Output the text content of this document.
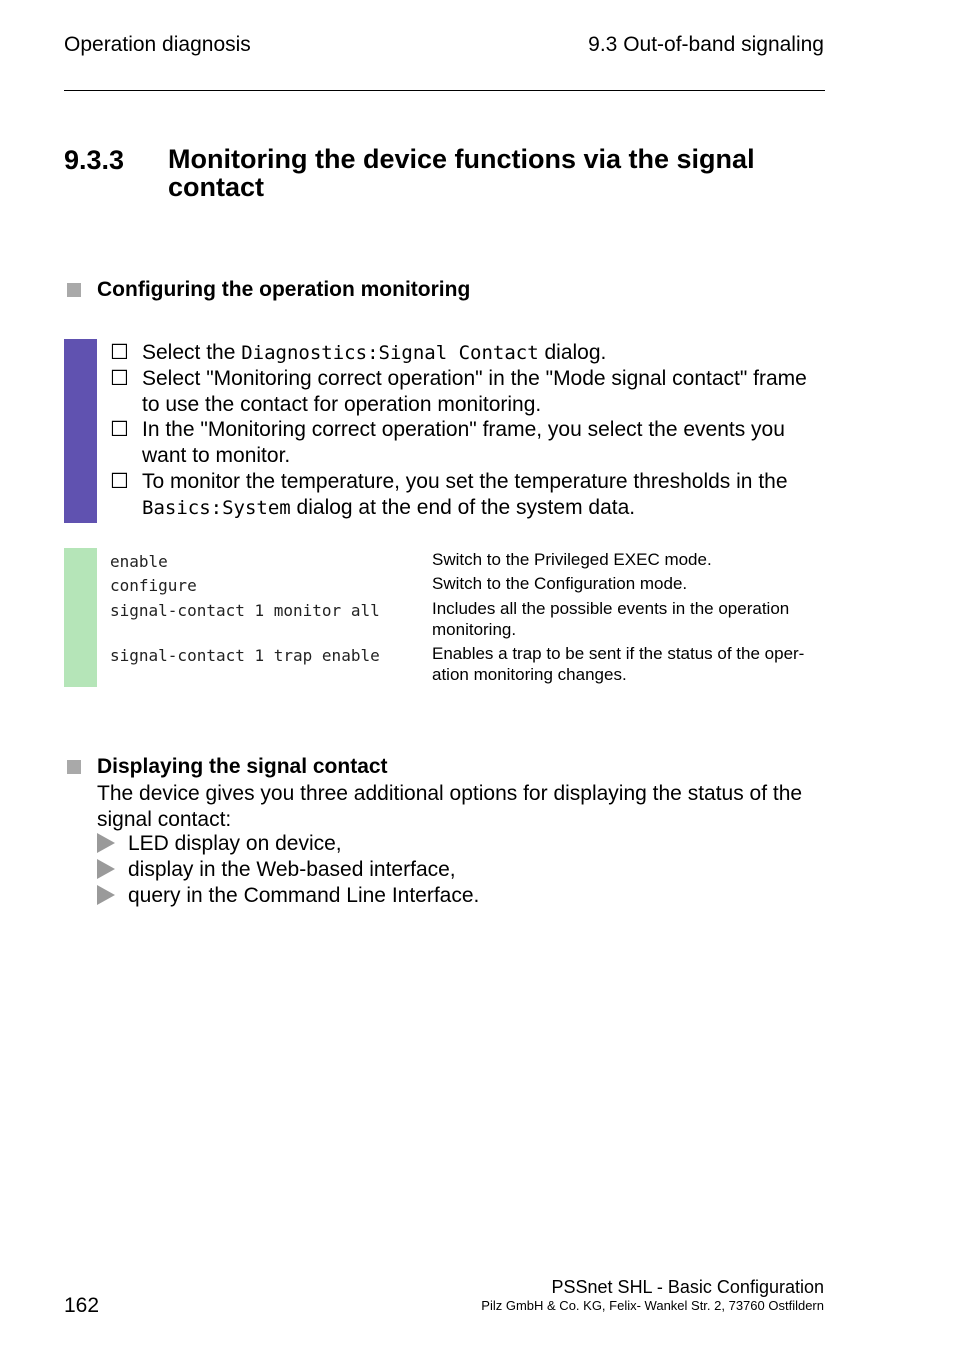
Operation diagnosis	9.3 Out-of-band signaling
9.3.3 Monitoring the device functions via the signal contact
Configuring the operation monitoring
☐ Select the Diagnostics:Signal Contact dialog.
☐ Select "Monitoring correct operation" in the "Mode signal contact" frame to use the contact for operation monitoring.
☐ In the "Monitoring correct operation" frame, you select the events you want to monitor.
☐ To monitor the temperature, you set the temperature thresholds in the Basics:System dialog at the end of the system data.
enable	Switch to the Privileged EXEC mode.
configure	Switch to the Configuration mode.
signal-contact 1 monitor all	Includes all the possible events in the operation monitoring.
signal-contact 1 trap enable	Enables a trap to be sent if the status of the oper-ation monitoring changes.
Displaying the signal contact
The device gives you three additional options for displaying the status of the signal contact:
LED display on device,
display in the Web-based interface,
query in the Command Line Interface.
162
PSSnet SHL - Basic Configuration
Pilz GmbH & Co. KG, Felix- Wankel Str. 2, 73760 Ostfildern
